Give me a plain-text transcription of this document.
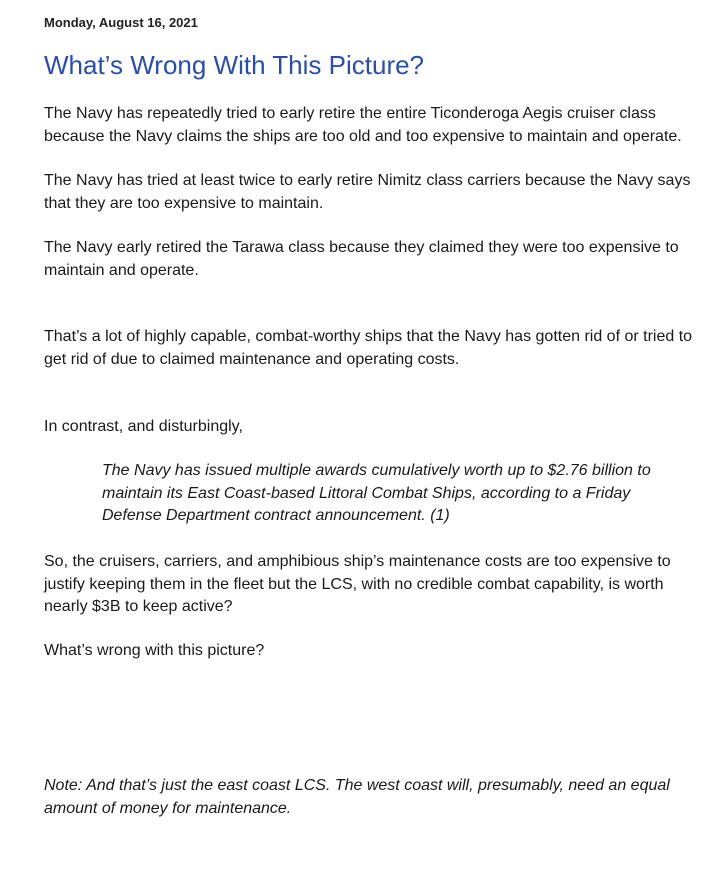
Monday, August 16, 2021
What’s Wrong With This Picture?

The Navy has repeatedly tried to early retire the entire Ticonderoga Aegis cruiser class because the Navy claims the ships are too old and too expensive to maintain and operate.

The Navy has tried at least twice to early retire Nimitz class carriers because the Navy says that they are too expensive to maintain.

The Navy early retired the Tarawa class because they claimed they were too expensive to maintain and operate.

That’s a lot of highly capable, combat-worthy ships that the Navy has gotten rid of or tried to get rid of due to claimed maintenance and operating costs.

In contrast, and disturbingly,

The Navy has issued multiple awards cumulatively worth up to $2.76 billion to maintain its East Coast-based Littoral Combat Ships, according to a Friday Defense Department contract announcement. (1)

So, the cruisers, carriers, and amphibious ship’s maintenance costs are too expensive to justify keeping them in the fleet but the LCS, with no credible combat capability, is worth nearly $3B to keep active?

What’s wrong with this picture?

Note: And that’s just the east coast LCS. The west coast will, presumably, need an equal amount of money for maintenance.
